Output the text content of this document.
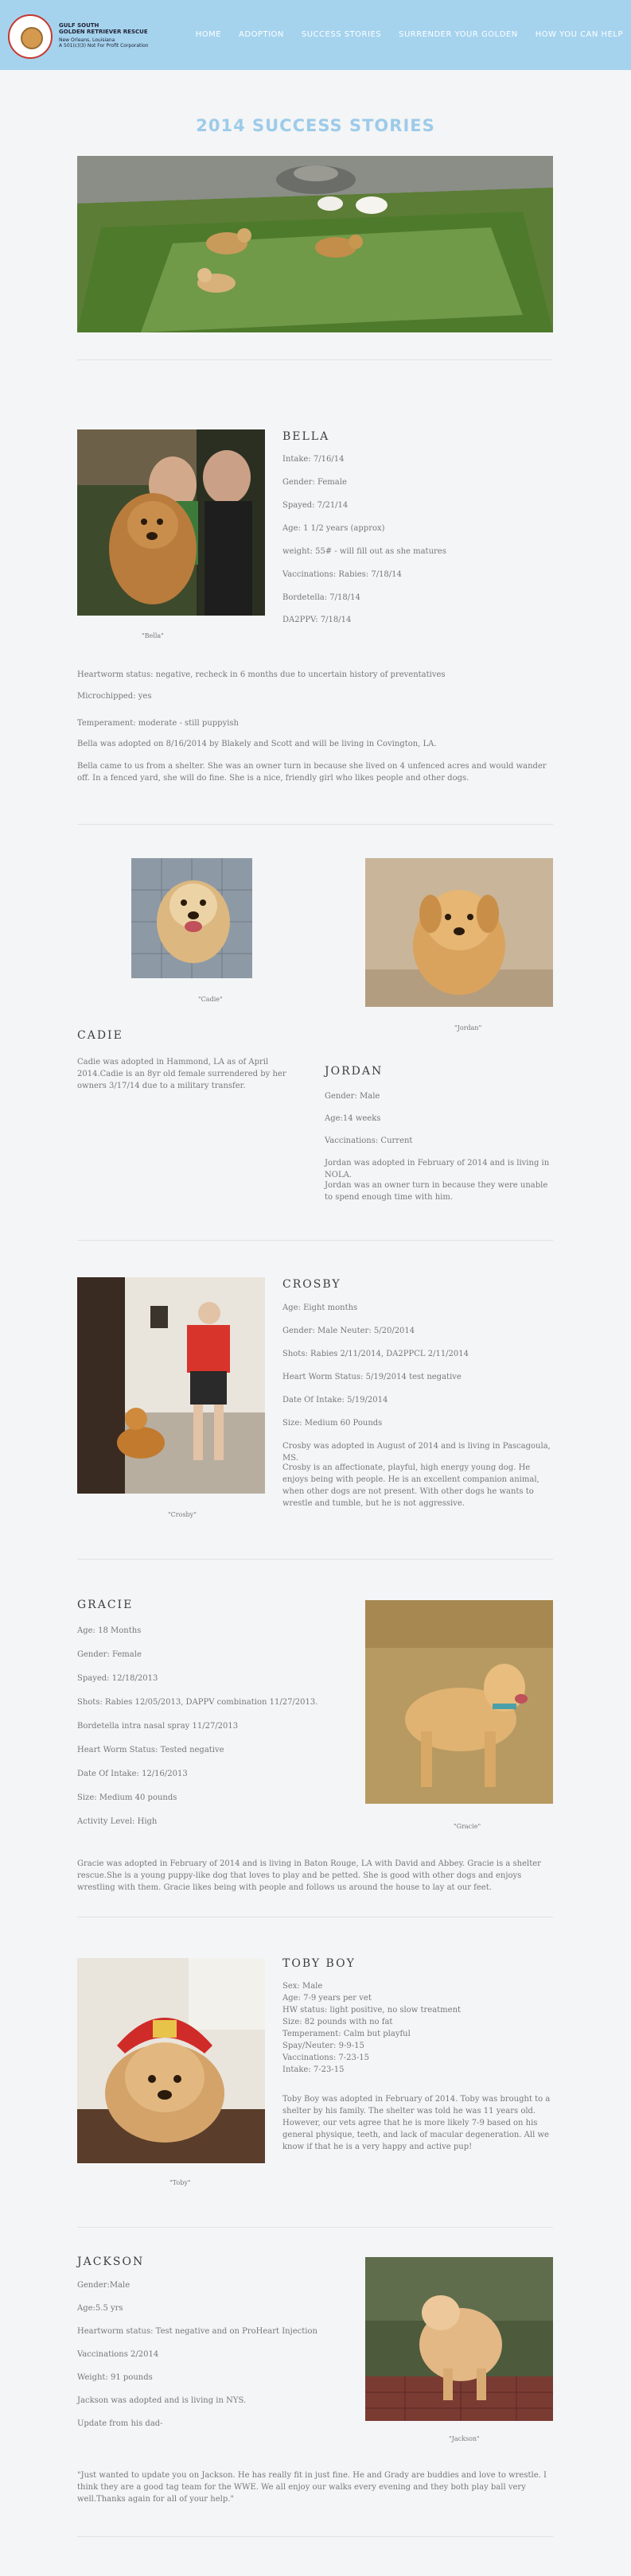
GULF SOUTH
GOLDEN RETRIEVER RESCUE
New Orleans, Louisiana
A 501(c)(3) Not For Profit Corporation
HOME ADOPTION SUCCESS STORIES SURRENDER YOUR GOLDEN HOW YOU CAN HELP
2014 SUCCESS STORIES
"Bella"
BELLA
Intake: 7/16/14
Gender: Female
Spayed: 7/21/14
Age: 1 1/2 years (approx)
weight: 55# - will fill out as she matures
Vaccinations: Rabies: 7/18/14
Bordetella: 7/18/14
DA2PPV: 7/18/14
Heartworm status: negative, recheck in 6 months due to uncertain history of preventatives
Microchipped: yes
Temperament: moderate - still puppyish
Bella was adopted on 8/16/2014 by Blakely and Scott and will be living in Covington, LA.
Bella came to us from a shelter. She was an owner turn in because she lived on 4 unfenced acres and would wander off. In a fenced yard, she will do fine. She is a nice, friendly girl who likes people and other dogs.
"Cadie"
CADIE
Cadie was adopted in Hammond, LA as of April 2014.Cadie is an 8yr old female surrendered by her owners 3/17/14 due to a military transfer.
"Jordan"
JORDAN
Gender: Male
Age:14 weeks
Vaccinations: Current
Jordan was adopted in February of 2014 and is living in NOLA.
Jordan was an owner turn in because they were unable to spend enough time with him.
"Crosby"
CROSBY
Age: Eight months
Gender: Male Neuter: 5/20/2014
Shots: Rabies 2/11/2014, DA2PPCL 2/11/2014
Heart Worm Status: 5/19/2014 test negative
Date Of Intake: 5/19/2014
Size: Medium 60 Pounds
Crosby was adopted in August of 2014 and is living in Pascagoula, MS.
Crosby is an affectionate, playful, high energy young dog. He enjoys being with people. He is an excellent companion animal, when other dogs are not present. With other dogs he wants to wrestle and tumble, but he is not aggressive.
GRACIE
Age: 18 Months
Gender: Female
Spayed: 12/18/2013
Shots: Rabies 12/05/2013, DAPPV combination 11/27/2013.
Bordetella intra nasal spray 11/27/2013
Heart Worm Status: Tested negative
Date Of Intake: 12/16/2013
Size: Medium 40 pounds
Activity Level: High
"Gracie"
Gracie was adopted in February of 2014 and is living in Baton Rouge, LA with David and Abbey. Gracie is a shelter rescue.She is a young puppy-like dog that loves to play and be petted. She is good with other dogs and enjoys wrestling with them. Gracie likes being with people and follows us around the house to lay at our feet.
"Toby"
TOBY BOY
Sex: Male
Age: 7-9 years per vet
HW status: light positive, no slow treatment
Size: 82 pounds with no fat
Temperament: Calm but playful
Spay/Neuter: 9-9-15
Vaccinations: 7-23-15
Intake: 7-23-15
Toby Boy was adopted in February of 2014. Toby was brought to a shelter by his family. The shelter was told he was 11 years old. However, our vets agree that he is more likely 7-9 based on his general physique, teeth, and lack of macular degeneration. All we know if that he is a very happy and active pup!
JACKSON
Gender:Male
Age:5.5 yrs
Heartworm status: Test negative and on ProHeart Injection
Vaccinations 2/2014
Weight: 91 pounds
Jackson was adopted and is living in NYS.
Update from his dad-
"Jackson"
"Just wanted to update you on Jackson. He has really fit in just fine. He and Grady are buddies and love to wrestle. I think they are a good tag team for the WWE. We all enjoy our walks every evening and they both play ball very well.Thanks again for all of your help."
